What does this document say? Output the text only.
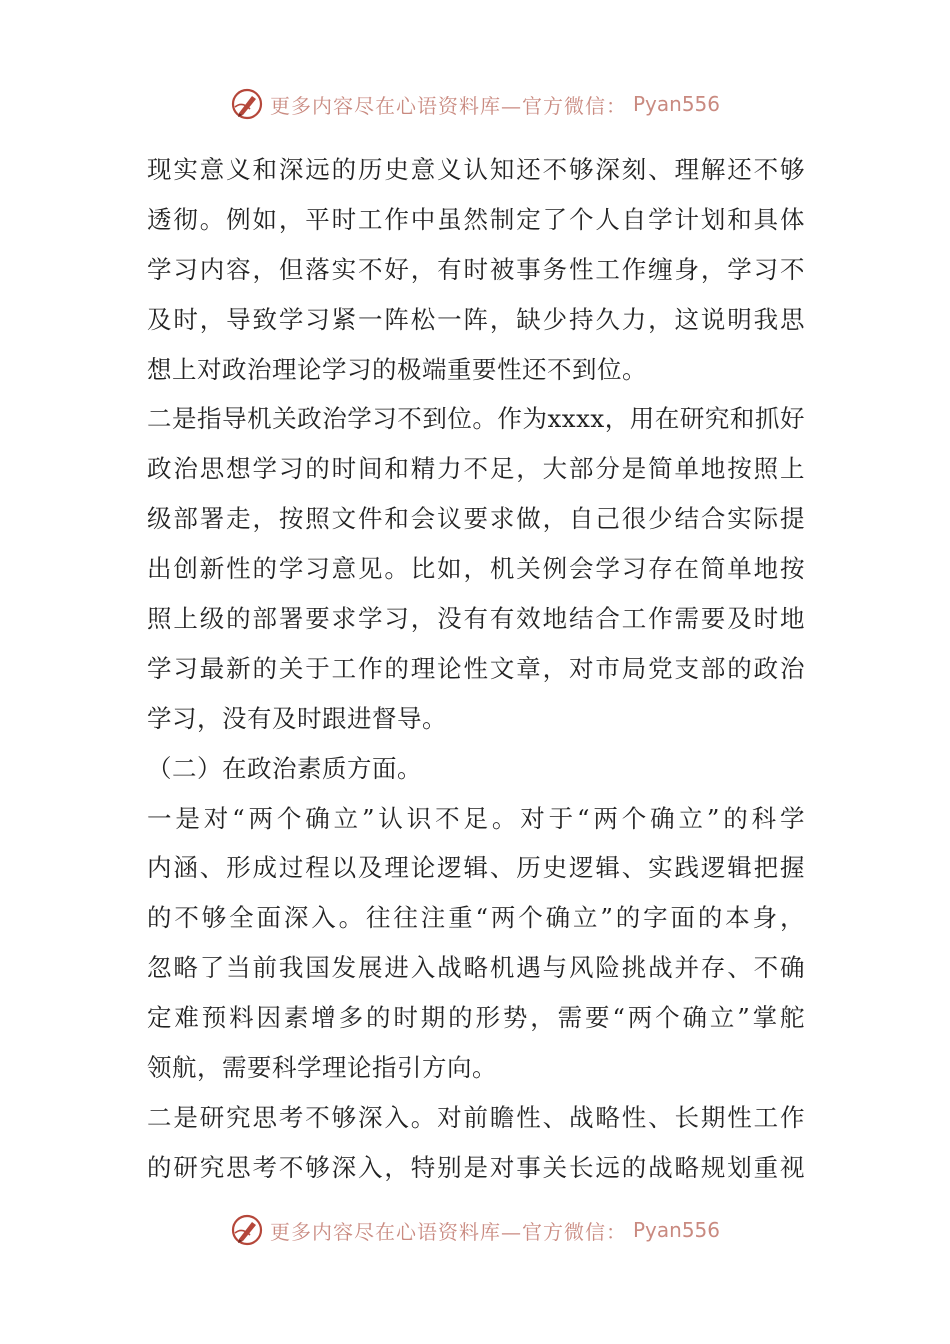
更多内容尽在心语资料库—官方微信： Pyan556
现实意义和深远的历史意义认知还不够深刻、理解还不够
透彻。例如，平时工作中虽然制定了个人自学计划和具体
学习内容，但落实不好，有时被事务性工作缠身，学习不
及时，导致学习紧一阵松一阵，缺少持久力，这说明我思
想上对政治理论学习的极端重要性还不到位。
二是指导机关政治学习不到位。作为xxxx，用在研究和抓好
政治思想学习的时间和精力不足，大部分是简单地按照上
级部署走，按照文件和会议要求做，自己很少结合实际提
出创新性的学习意见。比如，机关例会学习存在简单地按
照上级的部署要求学习，没有有效地结合工作需要及时地
学习最新的关于工作的理论性文章，对市局党支部的政治
学习，没有及时跟进督导。
（二）在政治素质方面。
一是对“两个确立”认识不足。对于“两个确立”的科学
内涵、形成过程以及理论逻辑、历史逻辑、实践逻辑把握
的不够全面深入。往往注重“两个确立”的字面的本身，
忽略了当前我国发展进入战略机遇与风险挑战并存、不确
定难预料因素增多的时期的形势，需要“两个确立”掌舵
领航，需要科学理论指引方向。
二是研究思考不够深入。对前瞻性、战略性、长期性工作
的研究思考不够深入，特别是对事关长远的战略规划重视
更多内容尽在心语资料库—官方微信： Pyan556
